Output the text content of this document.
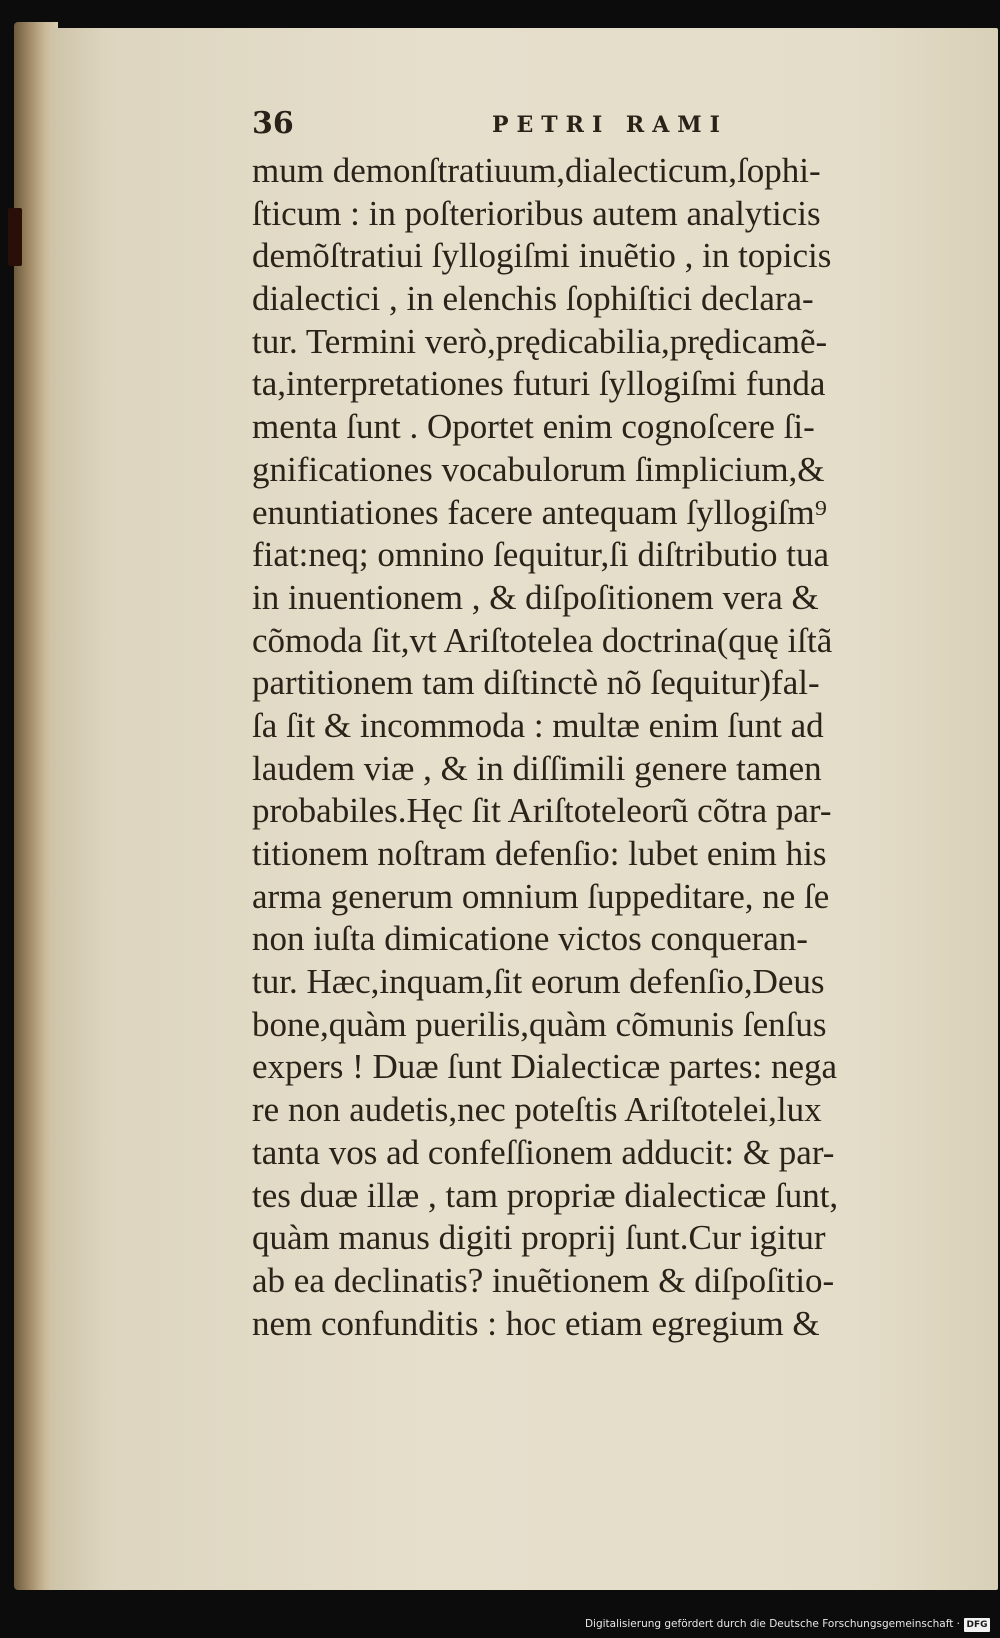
36	PETRI RAMI
mum demonſtratiuum,dialecticum,ſophi-
ſticum : in poſterioribus autem analyticis
demõſtratiui ſyllogiſmi inuẽtio , in topicis
dialectici , in elenchis ſophiſtici declara-
tur. Termini verò,prędicabilia,prędicamẽ-
ta,interpretationes futuri ſyllogiſmi funda
menta ſunt . Oportet enim cognoſcere ſi-
gnificationes vocabulorum ſimplicium,&
enuntiationes facere antequam ſyllogiſm⁹
fiat:neq; omnino ſequitur,ſi diſtributio tua
in inuentionem , & diſpoſitionem vera &
cõmoda ſit,vt Ariſtotelea doctrina(quę iſtã
partitionem tam diſtinctè nõ ſequitur)fal-
ſa ſit & incommoda : multæ enim ſunt ad
laudem viæ , & in diſſimili genere tamen
probabiles.Hęc ſit Ariſtoteleorũ cõtra par-
titionem noſtram defenſio: lubet enim his
arma generum omnium ſuppeditare, ne ſe
non iuſta dimicatione victos conqueran-
tur. Hæc,inquam,ſit eorum defenſio,Deus
bone,quàm puerilis,quàm cõmunis ſenſus
expers ! Duæ ſunt Dialecticæ partes: nega
re non audetis,nec poteſtis Ariſtotelei,lux
tanta vos ad confeſſionem adducit: & par-
tes duæ illæ , tam propriæ dialecticæ ſunt,
quàm manus digiti proprij ſunt.Cur igitur
ab ea declinatis? inuẽtionem & diſpoſitio-
nem confunditis : hoc etiam egregium &
Digitalisierung gefördert durch die Deutsche Forschungsgemeinschaft · DFG
